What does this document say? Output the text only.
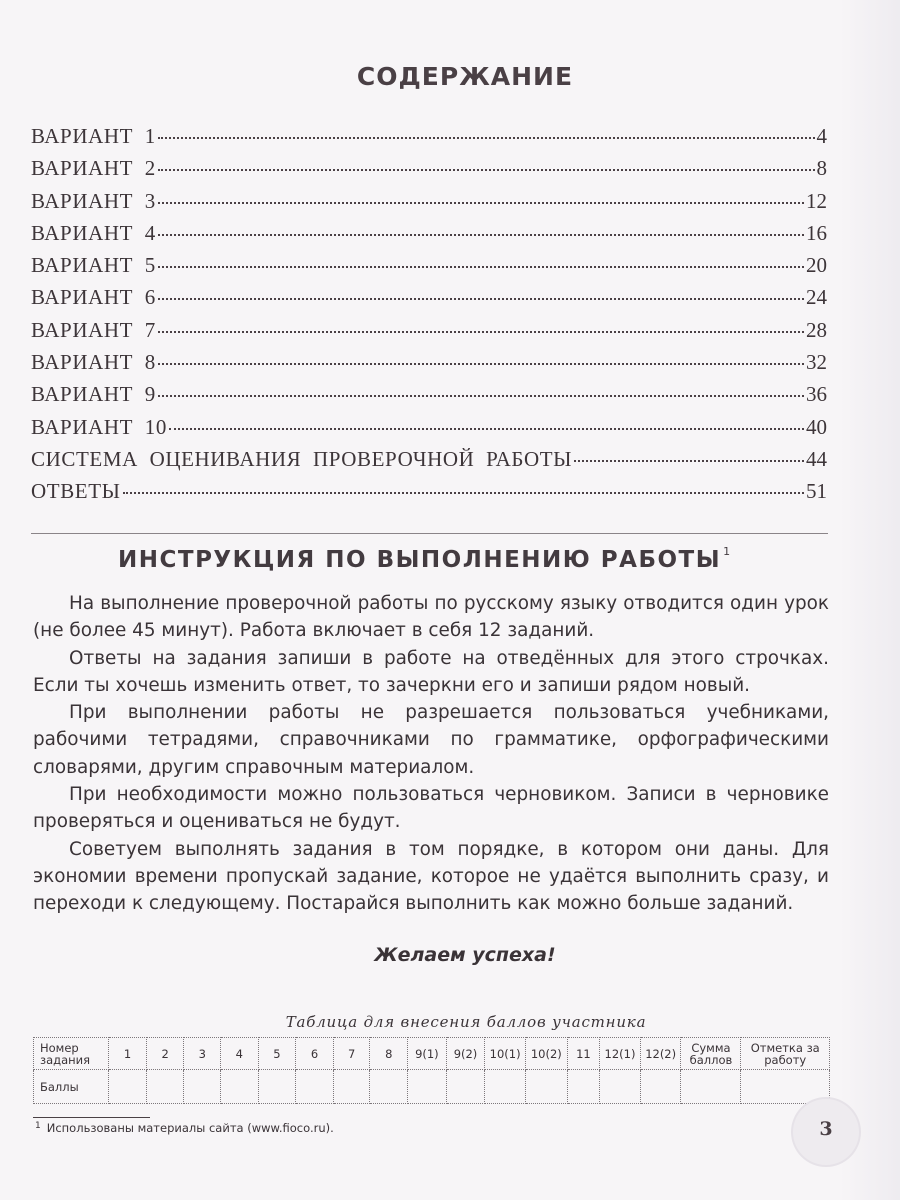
СОДЕРЖАНИЕ
ВАРИАНТ  1	4
ВАРИАНТ  2	8
ВАРИАНТ  3	12
ВАРИАНТ  4	16
ВАРИАНТ  5	20
ВАРИАНТ  6	24
ВАРИАНТ  7	28
ВАРИАНТ  8	32
ВАРИАНТ  9	36
ВАРИАНТ  10	40
СИСТЕМА  ОЦЕНИВАНИЯ  ПРОВЕРОЧНОЙ  РАБОТЫ	44
ОТВЕТЫ	51
ИНСТРУКЦИЯ ПО ВЫПОЛНЕНИЮ РАБОТЫ $^1$

На выполнение проверочной работы по русскому языку отводится один урок (не более 45 минут). Работа включает в себя 12 заданий.

Ответы на задания запиши в работе на отведённых для этого строчках. Если ты хочешь изменить ответ, то зачеркни его и запиши рядом новый.

При выполнении работы не разрешается пользоваться учебниками, рабочими тетрадями, справочниками по грамматике, орфографическими словарями, другим справочным материалом.

При необходимости можно пользоваться черновиком. Записи в черновике проверяться и оцениваться не будут.

Советуем выполнять задания в том порядке, в котором они даны. Для экономии времени пропускай задание, которое не удаётся выполнить сразу, и переходи к следующему. Постарайся выполнить как можно больше заданий.

Желаем успеха!
Таблица для внесения баллов участника
Номер задания	1	2	3	4	5	6	7	8	9(1)	9(2)	10(1)	10(2)	11	12(1)	12(2)	Сумма баллов	Отметка за работу
Баллы																	
$^1$ Использованы материалы сайта (www.fioco.ru).	3
